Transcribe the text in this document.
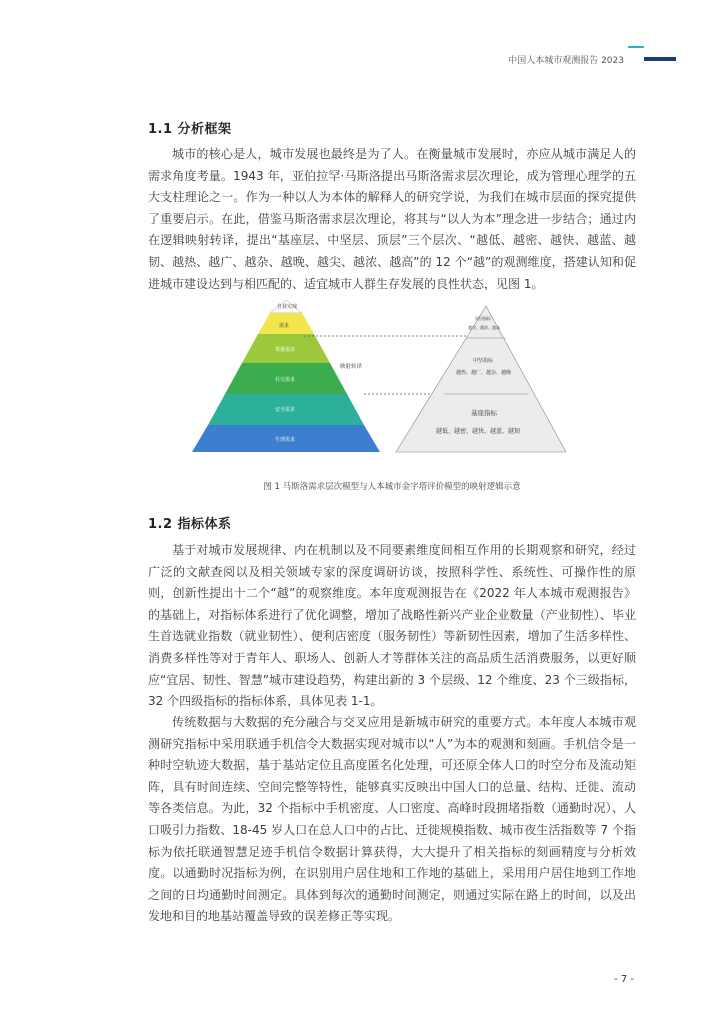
中国人本城市观测报告 2023
1.1 分析框架

城市的核心是人，城市发展也最终是为了人。在衡量城市发展时，亦应从城市满足人的需求角度考量。1943 年，亚伯拉罕·马斯洛提出马斯洛需求层次理论，成为管理心理学的五大支柱理论之一。作为一种以人为本体的解释人的研究学说，为我们在城市层面的探究提供了重要启示。在此，借鉴马斯洛需求层次理论，将其与“以人为本”理念进一步结合；通过内在逻辑映射转译，提出“基座层、中坚层、顶层”三个层次、“越低、越密、越快、越蓝、越韧、越热、越广、越杂、越晚、越尖、越浓、越高”的 12 个“越”的观测维度，搭建认知和促进城市建设达到与相匹配的、适宜城市人群生存发展的良性状态，见图 1。

自我实现
需求
尊重需求
社交需求
安全需求
生理需求
映射转译
顶层指标
越尖、越浓、越高
中坚指标
越热、越广、越杂、越晚
基座指标
越低、越密、越快、越蓝、越韧
图 1 马斯洛需求层次模型与人本城市金字塔评价模型的映射逻辑示意
1.2 指标体系

基于对城市发展规律、内在机制以及不同要素维度间相互作用的长期观察和研究，经过广泛的文献查阅以及相关领域专家的深度调研访谈，按照科学性、系统性、可操作性的原则，创新性提出十二个“越”的观察维度。本年度观测报告在《2022 年人本城市观测报告》的基础上，对指标体系进行了优化调整，增加了战略性新兴产业企业数量（产业韧性）、毕业生首选就业指数（就业韧性）、便利店密度（服务韧性）等新韧性因素，增加了生活多样性、消费多样性等对于青年人、职场人、创新人才等群体关注的高品质生活消费服务，以更好顺应“宜居、韧性、智慧”城市建设趋势，构建出新的 3 个层级、12 个维度、23 个三级指标，32 个四级指标的指标体系，具体见表 1-1。

传统数据与大数据的充分融合与交叉应用是新城市研究的重要方式。本年度人本城市观测研究指标中采用联通手机信令大数据实现对城市以“人”为本的观测和刻画。手机信令是一种时空轨迹大数据，基于基站定位且高度匿名化处理，可还原全体人口的时空分布及流动矩阵，具有时间连续、空间完整等特性，能够真实反映出中国人口的总量、结构、迁徙、流动等各类信息。为此，32 个指标中手机密度、人口密度、高峰时段拥堵指数（通勤时况）、人口吸引力指数、18-45 岁人口在总人口中的占比、迁徙规模指数、城市夜生活指数等 7 个指标为依托联通智慧足迹手机信令数据计算获得，大大提升了相关指标的刻画精度与分析效度。以通勤时况指标为例，在识别用户居住地和工作地的基础上，采用用户居住地到工作地之间的日均通勤时间测定。具体到每次的通勤时间测定，则通过实际在路上的时间，以及出发地和目的地基站覆盖导致的误差修正等实现。

- 7 -
